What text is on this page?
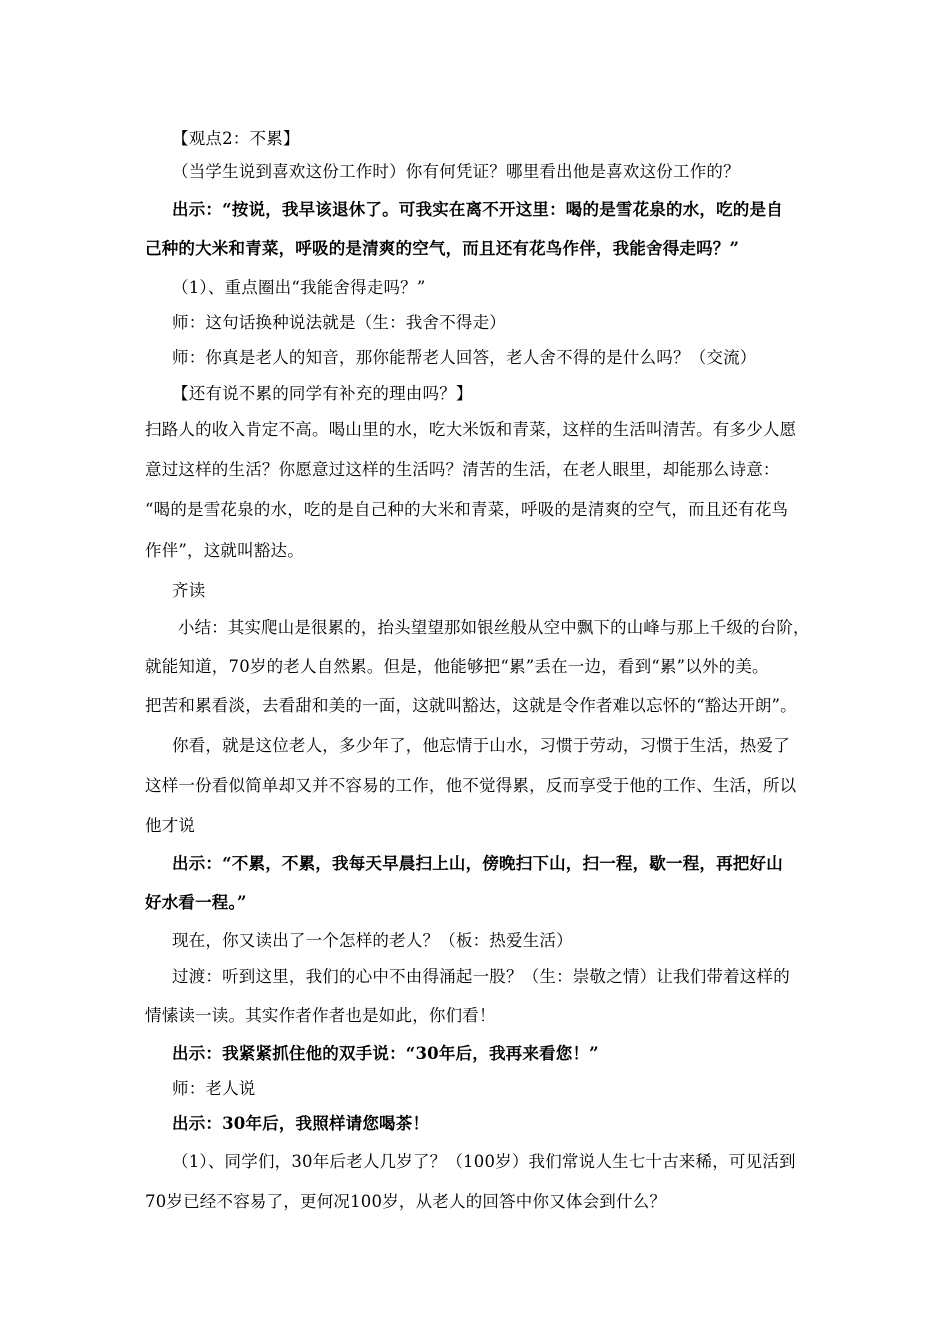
【观点2：不累】
（当学生说到喜欢这份工作时）你有何凭证？哪里看出他是喜欢这份工作的？
出示：“按说，我早该退休了。可我实在离不开这里：喝的是雪花泉的水，吃的是自
己种的大米和青菜，呼吸的是清爽的空气，而且还有花鸟作伴，我能舍得走吗？”
（1）、重点圈出“我能舍得走吗？”
师：这句话换种说法就是（生：我舍不得走）
师：你真是老人的知音，那你能帮老人回答，老人舍不得的是什么吗？（交流）
【还有说不累的同学有补充的理由吗？】
扫路人的收入肯定不高。喝山里的水，吃大米饭和青菜，这样的生活叫清苦。有多少人愿
意过这样的生活？你愿意过这样的生活吗？清苦的生活，在老人眼里，却能那么诗意：
“喝的是雪花泉的水，吃的是自己种的大米和青菜，呼吸的是清爽的空气，而且还有花鸟
作伴”，这就叫豁达。
齐读
小结：其实爬山是很累的，抬头望望那如银丝般从空中飘下的山峰与那上千级的台阶，
就能知道，70岁的老人自然累。但是，他能够把“累”丢在一边，看到“累”以外的美。
把苦和累看淡，去看甜和美的一面，这就叫豁达，这就是令作者难以忘怀的“豁达开朗”。
你看，就是这位老人，多少年了，他忘情于山水，习惯于劳动，习惯于生活，热爱了
这样一份看似简单却又并不容易的工作，他不觉得累，反而享受于他的工作、生活，所以
他才说
出示：“不累，不累，我每天早晨扫上山，傍晚扫下山，扫一程，歇一程，再把好山
好水看一程。”
现在，你又读出了一个怎样的老人？（板：热爱生活）
过渡：听到这里，我们的心中不由得涌起一股？（生：崇敬之情）让我们带着这样的
情愫读一读。其实作者作者也是如此，你们看！
出示：我紧紧抓住他的双手说：“30年后，我再来看您！”
师：老人说
出示：30年后，我照样请您喝茶！
（1）、同学们，30年后老人几岁了？（100岁）我们常说人生七十古来稀，可见活到
70岁已经不容易了，更何况100岁，从老人的回答中你又体会到什么？
